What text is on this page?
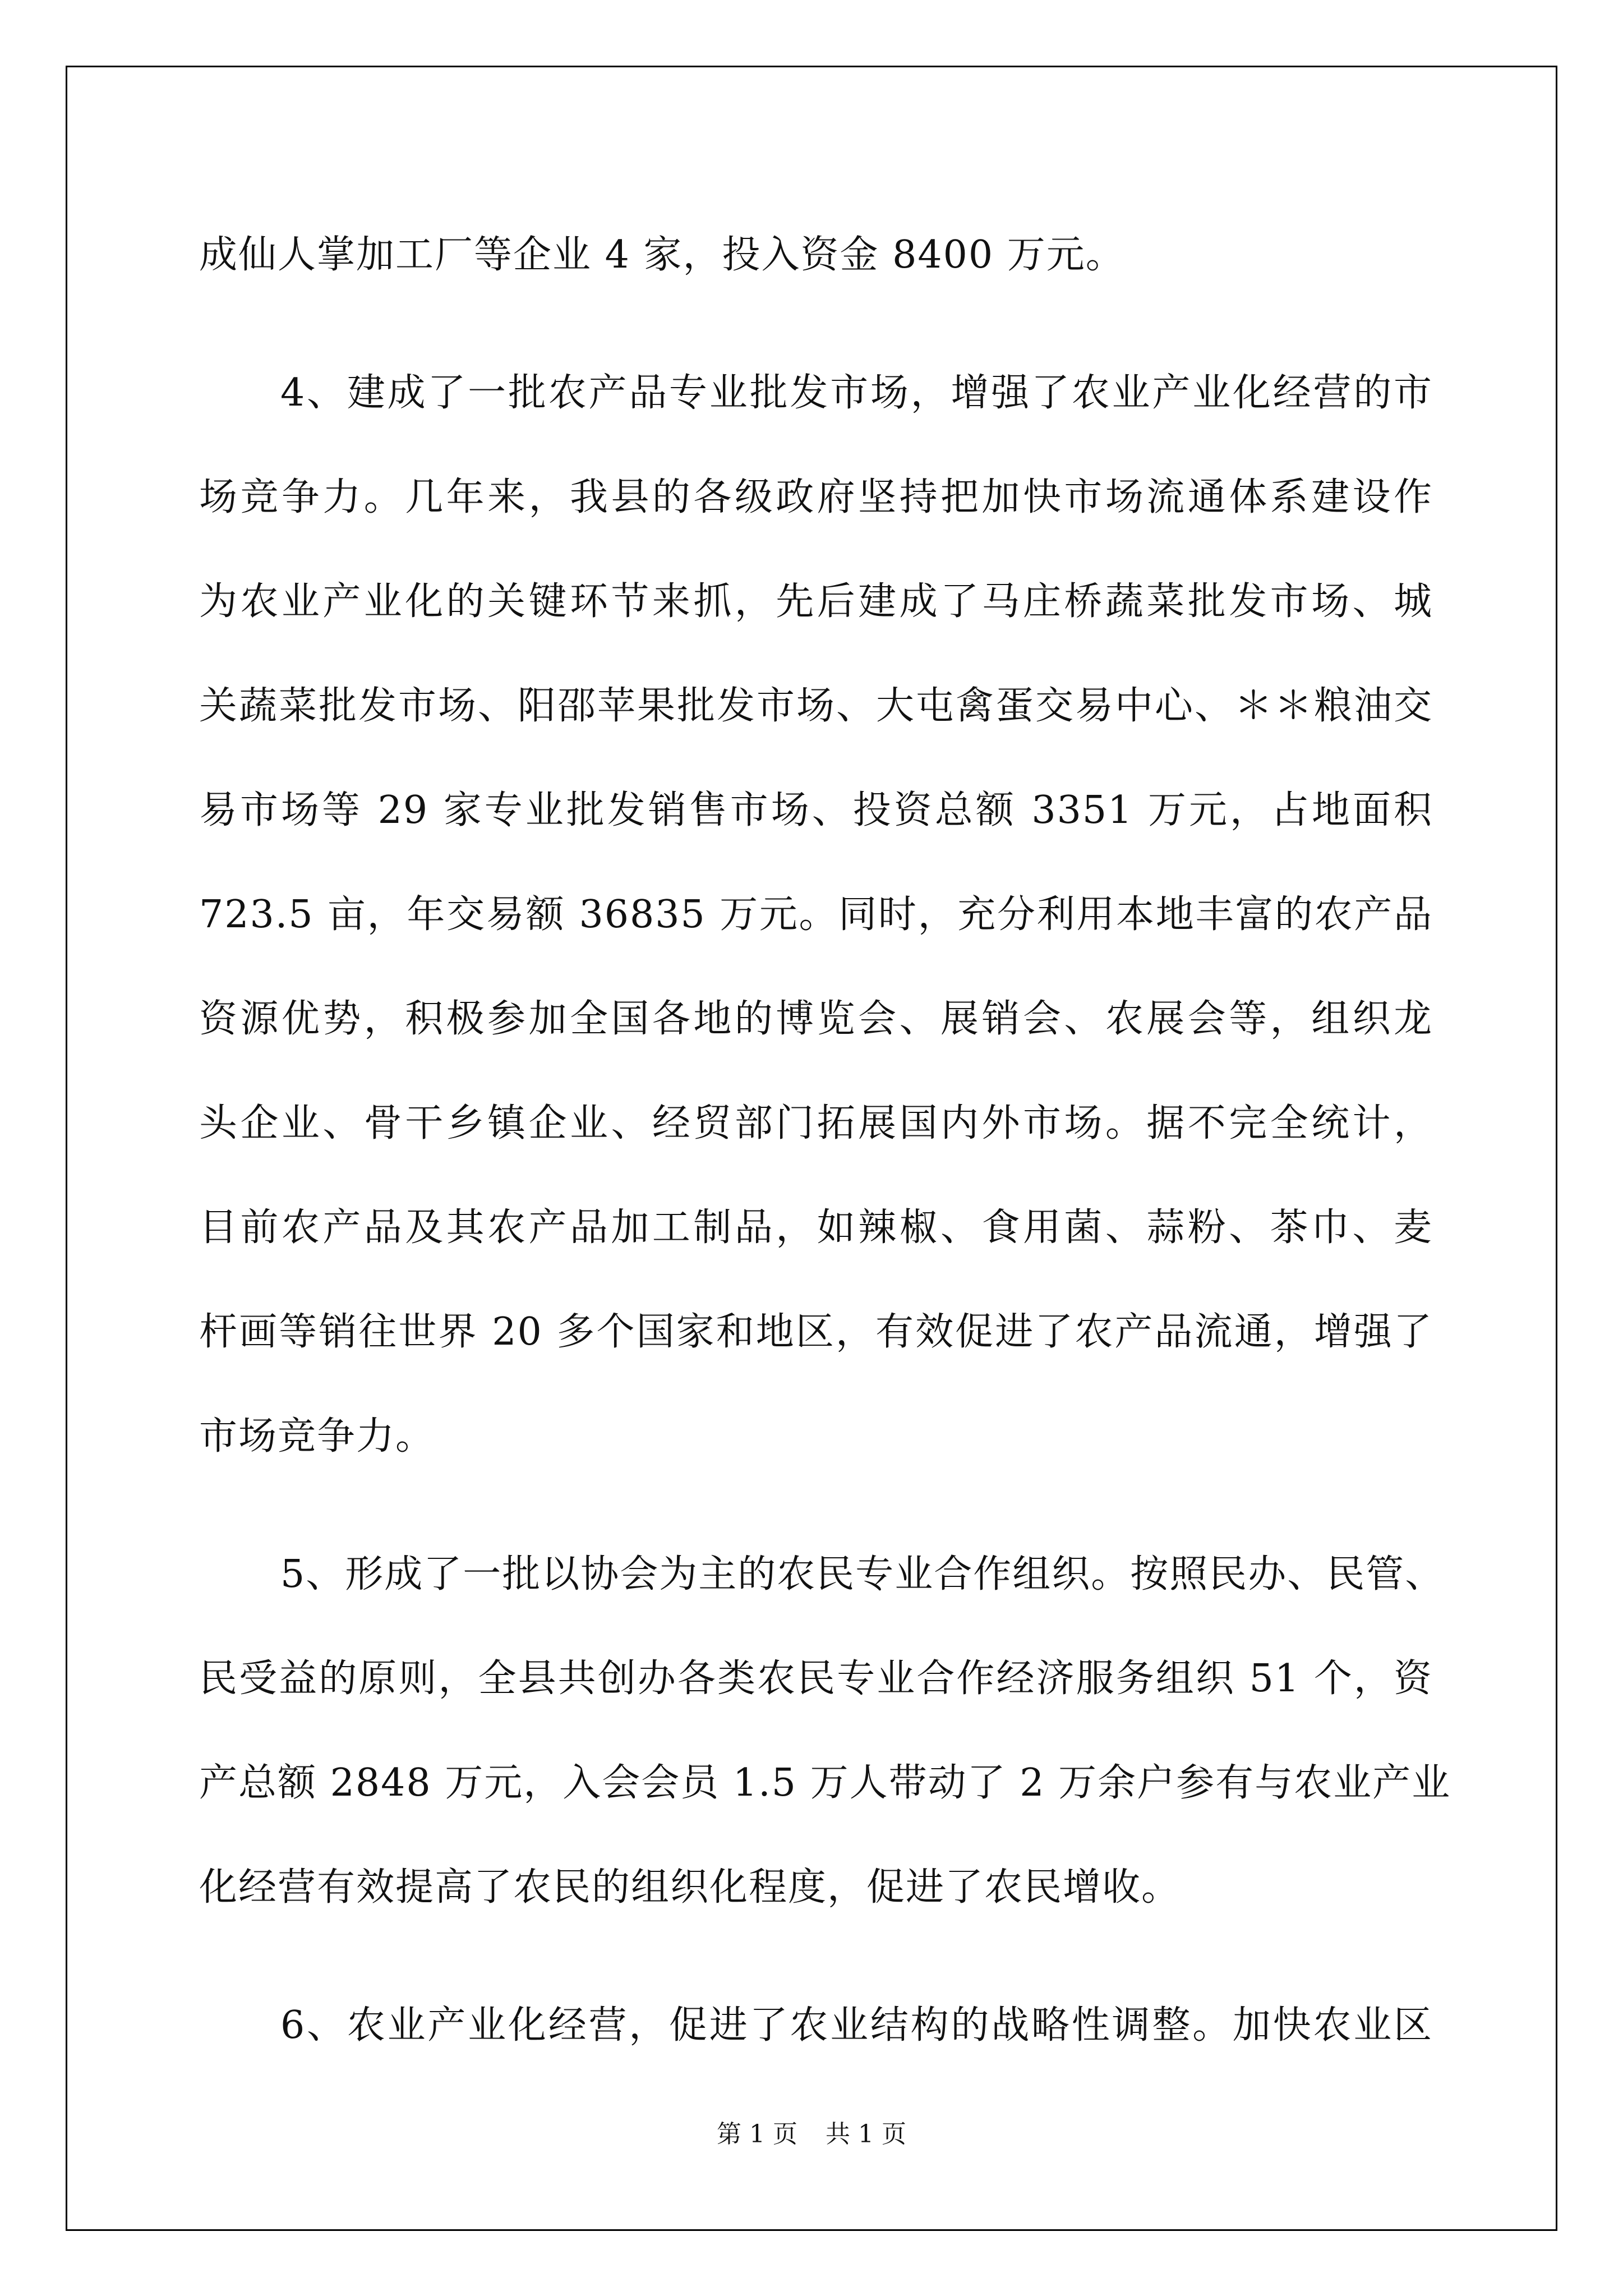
成仙人掌加工厂等企业 4 家，投入资金 8400 万元。
4、建成了一批农产品专业批发市场，增强了农业产业化经营的市
场竞争力。几年来，我县的各级政府坚持把加快市场流通体系建设作
为农业产业化的关键环节来抓，先后建成了马庄桥蔬菜批发市场、城
关蔬菜批发市场、阳邵苹果批发市场、大屯禽蛋交易中心、＊＊粮油交
易市场等 29 家专业批发销售市场、投资总额 3351 万元，占地面积
723.5 亩，年交易额 36835 万元。同时，充分利用本地丰富的农产品
资源优势，积极参加全国各地的博览会、展销会、农展会等，组织龙
头企业、骨干乡镇企业、经贸部门拓展国内外市场。据不完全统计，
目前农产品及其农产品加工制品，如辣椒、食用菌、蒜粉、茶巾、麦
杆画等销往世界 20 多个国家和地区，有效促进了农产品流通，增强了
市场竞争力。
5、形成了一批以协会为主的农民专业合作组织。按照民办、民管、
民受益的原则，全县共创办各类农民专业合作经济服务组织 51 个，资
产总额 2848 万元，入会会员 1.5 万人带动了 2 万余户参有与农业产业
化经营有效提高了农民的组织化程度，促进了农民增收。
6、农业产业化经营，促进了农业结构的战略性调整。加快农业区
第 1 页 共 1 页
